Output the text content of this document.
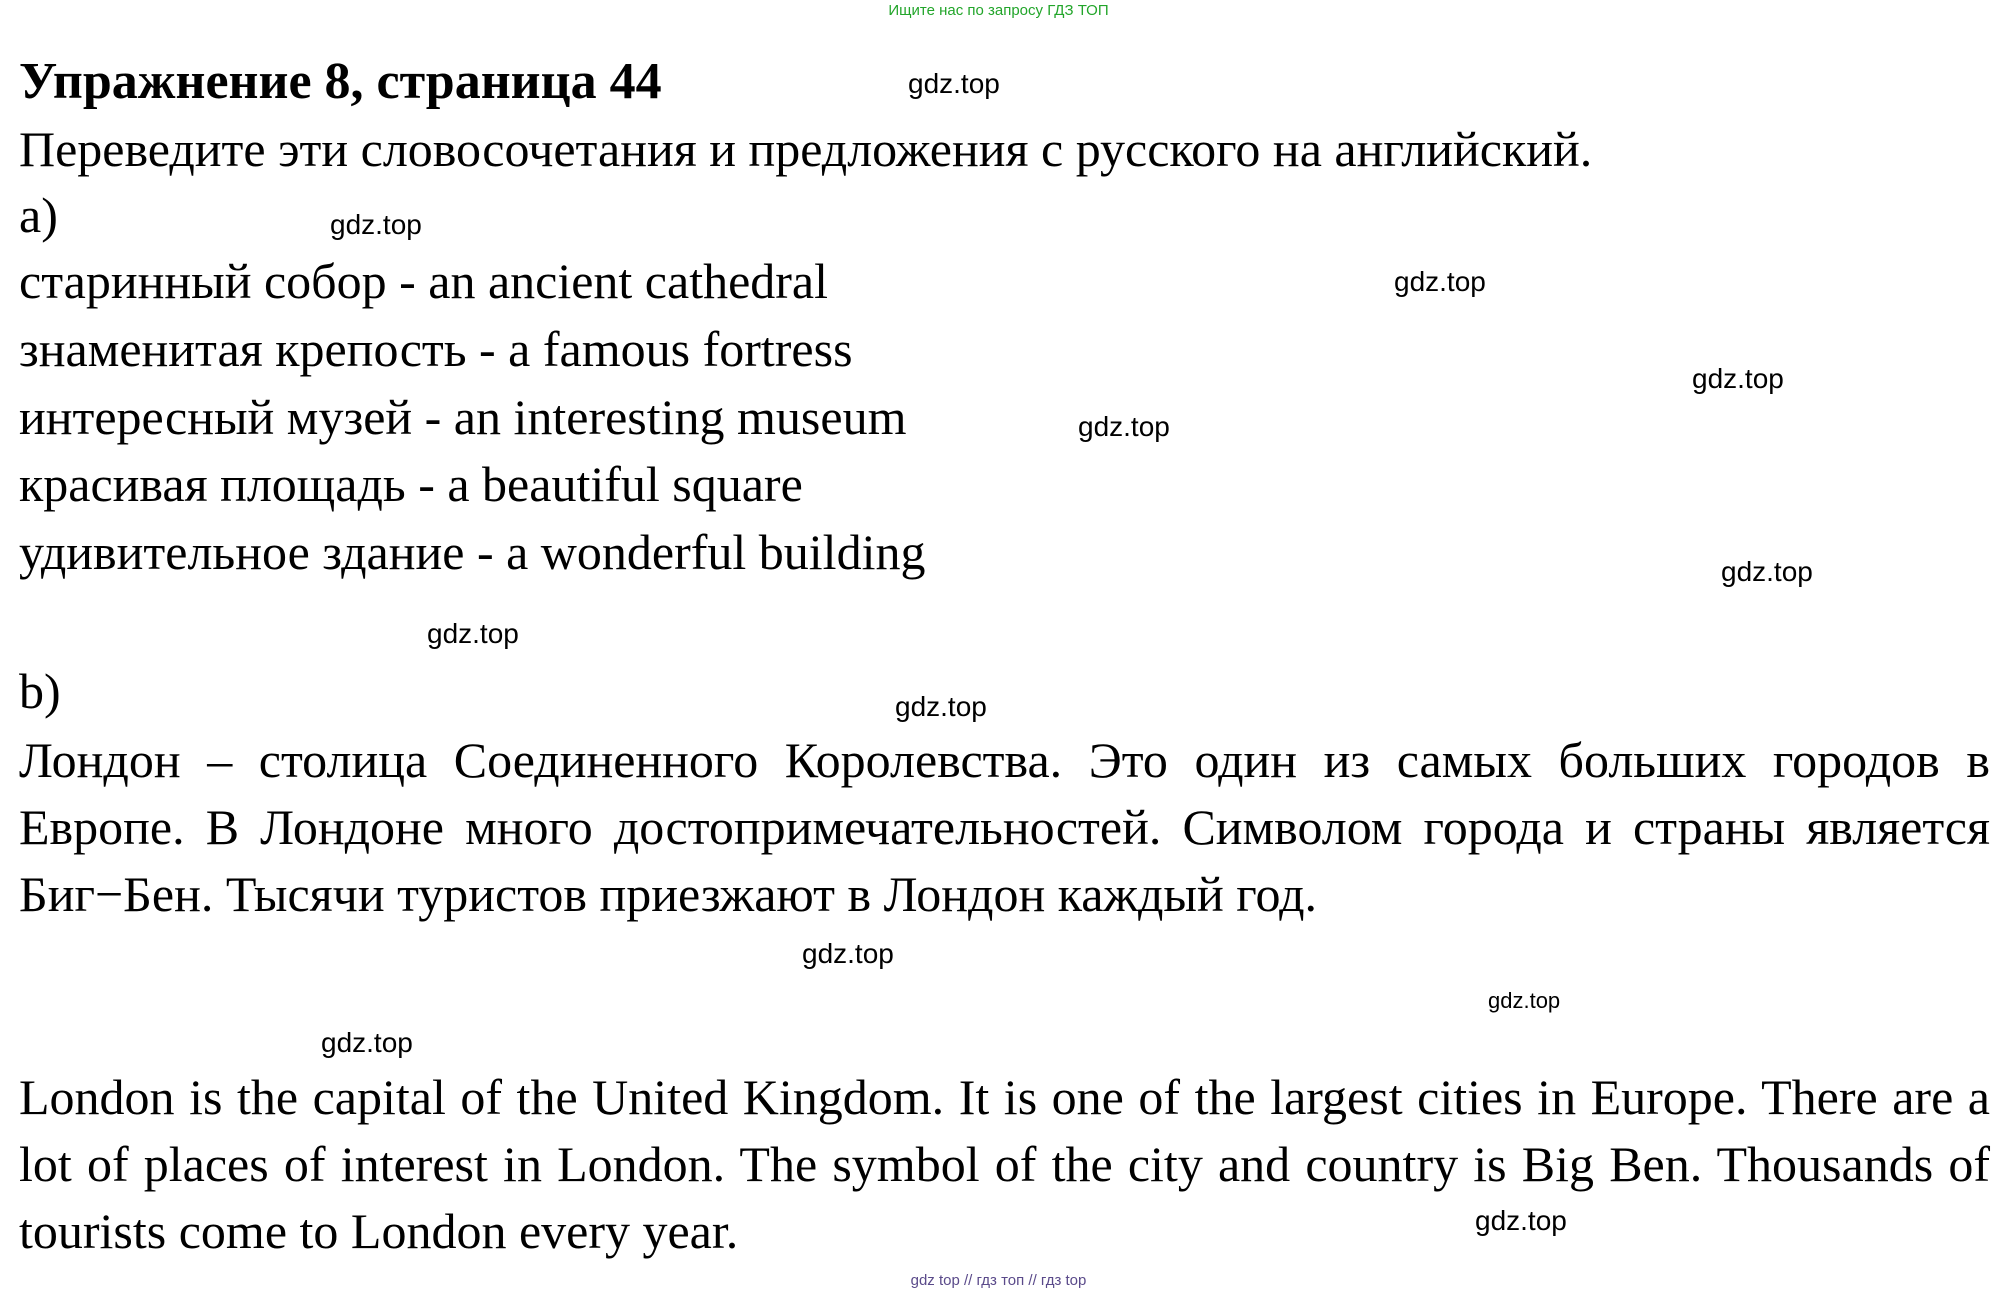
Ищите нас по запросу ГДЗ ТОП
Упражнение 8, страница 44
Переведите эти словосочетания и предложения с русского на английский.
a)
старинный собор - an ancient cathedral
знаменитая крепость - a famous fortress
интересный музей - an interesting museum
красивая площадь - a beautiful square
удивительное здание - a wonderful building
b)
Лондон – столица Соединенного Королевства. Это один из самых больших городов в Европе. В Лондоне много достопримечательностей. Символом города и страны является Биг−Бен. Тысячи туристов приезжают в Лондон каждый год.
London is the capital of the United Kingdom. It is one of the largest cities in Europe. There are a lot of places of interest in London. The symbol of the city and country is Big Ben. Thousands of tourists come to London every year.
gdz.top
gdz.top
gdz.top
gdz.top
gdz.top
gdz.top
gdz.top
gdz.top
gdz.top
gdz.top
gdz.top
gdz.top
gdz top // гдз топ // гдз top
